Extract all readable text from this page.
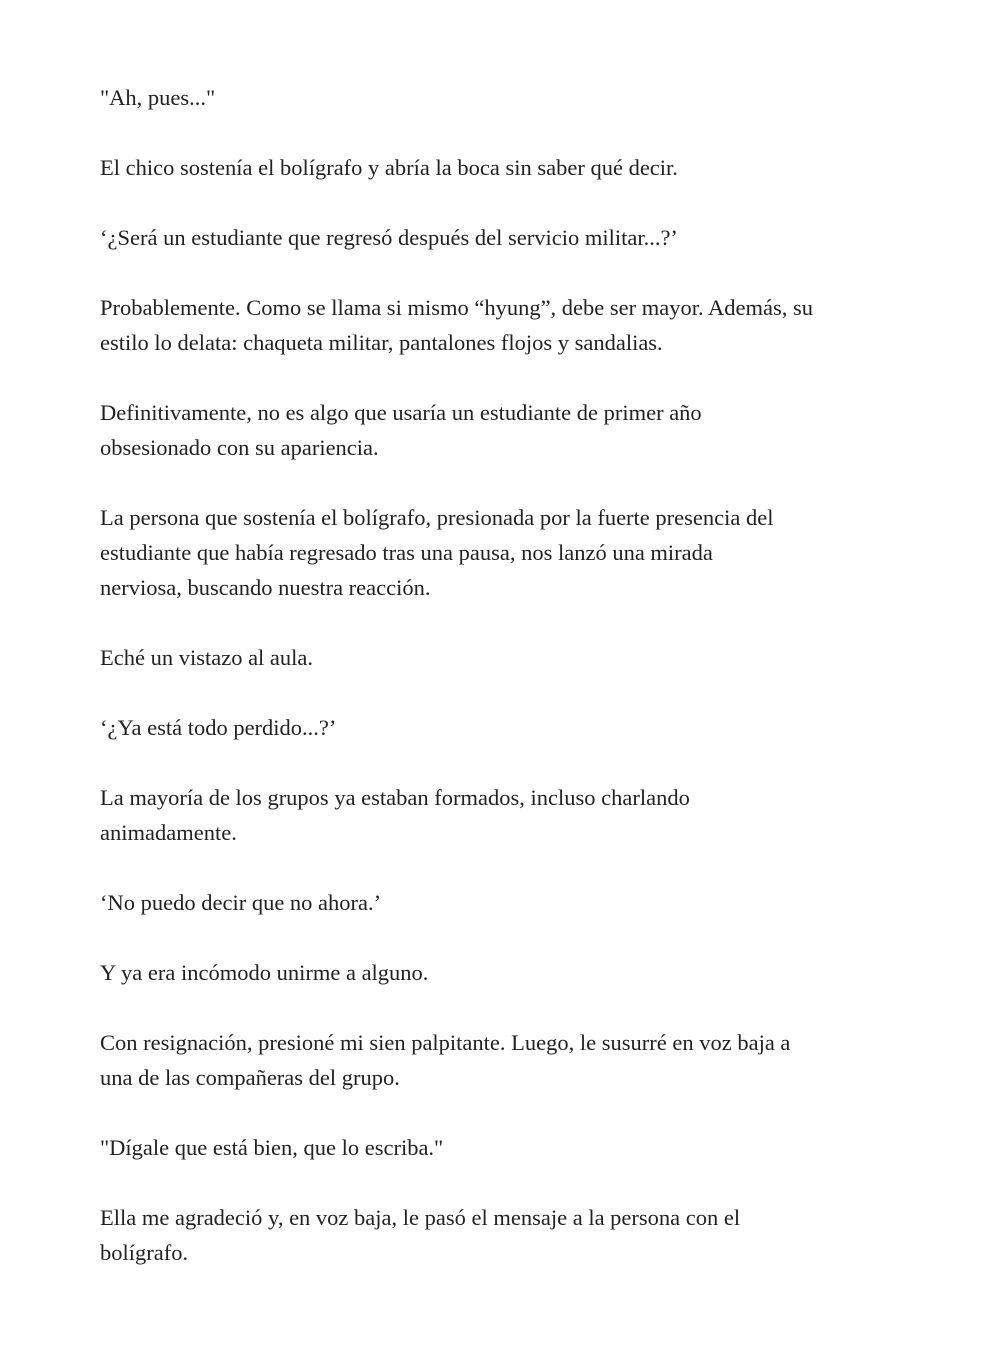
"Ah, pues..."

El chico sostenía el bolígrafo y abría la boca sin saber qué decir.

‘¿Será un estudiante que regresó después del servicio militar...?’

Probablemente. Como se llama si mismo “hyung”, debe ser mayor. Además, su
estilo lo delata: chaqueta militar, pantalones flojos y sandalias.

Definitivamente, no es algo que usaría un estudiante de primer año
obsesionado con su apariencia.

La persona que sostenía el bolígrafo, presionada por la fuerte presencia del
estudiante que había regresado tras una pausa, nos lanzó una mirada
nerviosa, buscando nuestra reacción.

Eché un vistazo al aula.

‘¿Ya está todo perdido...?’

La mayoría de los grupos ya estaban formados, incluso charlando
animadamente.

‘No puedo decir que no ahora.’

Y ya era incómodo unirme a alguno.

Con resignación, presioné mi sien palpitante. Luego, le susurré en voz baja a
una de las compañeras del grupo.

"Dígale que está bien, que lo escriba."

Ella me agradeció y, en voz baja, le pasó el mensaje a la persona con el
bolígrafo.
